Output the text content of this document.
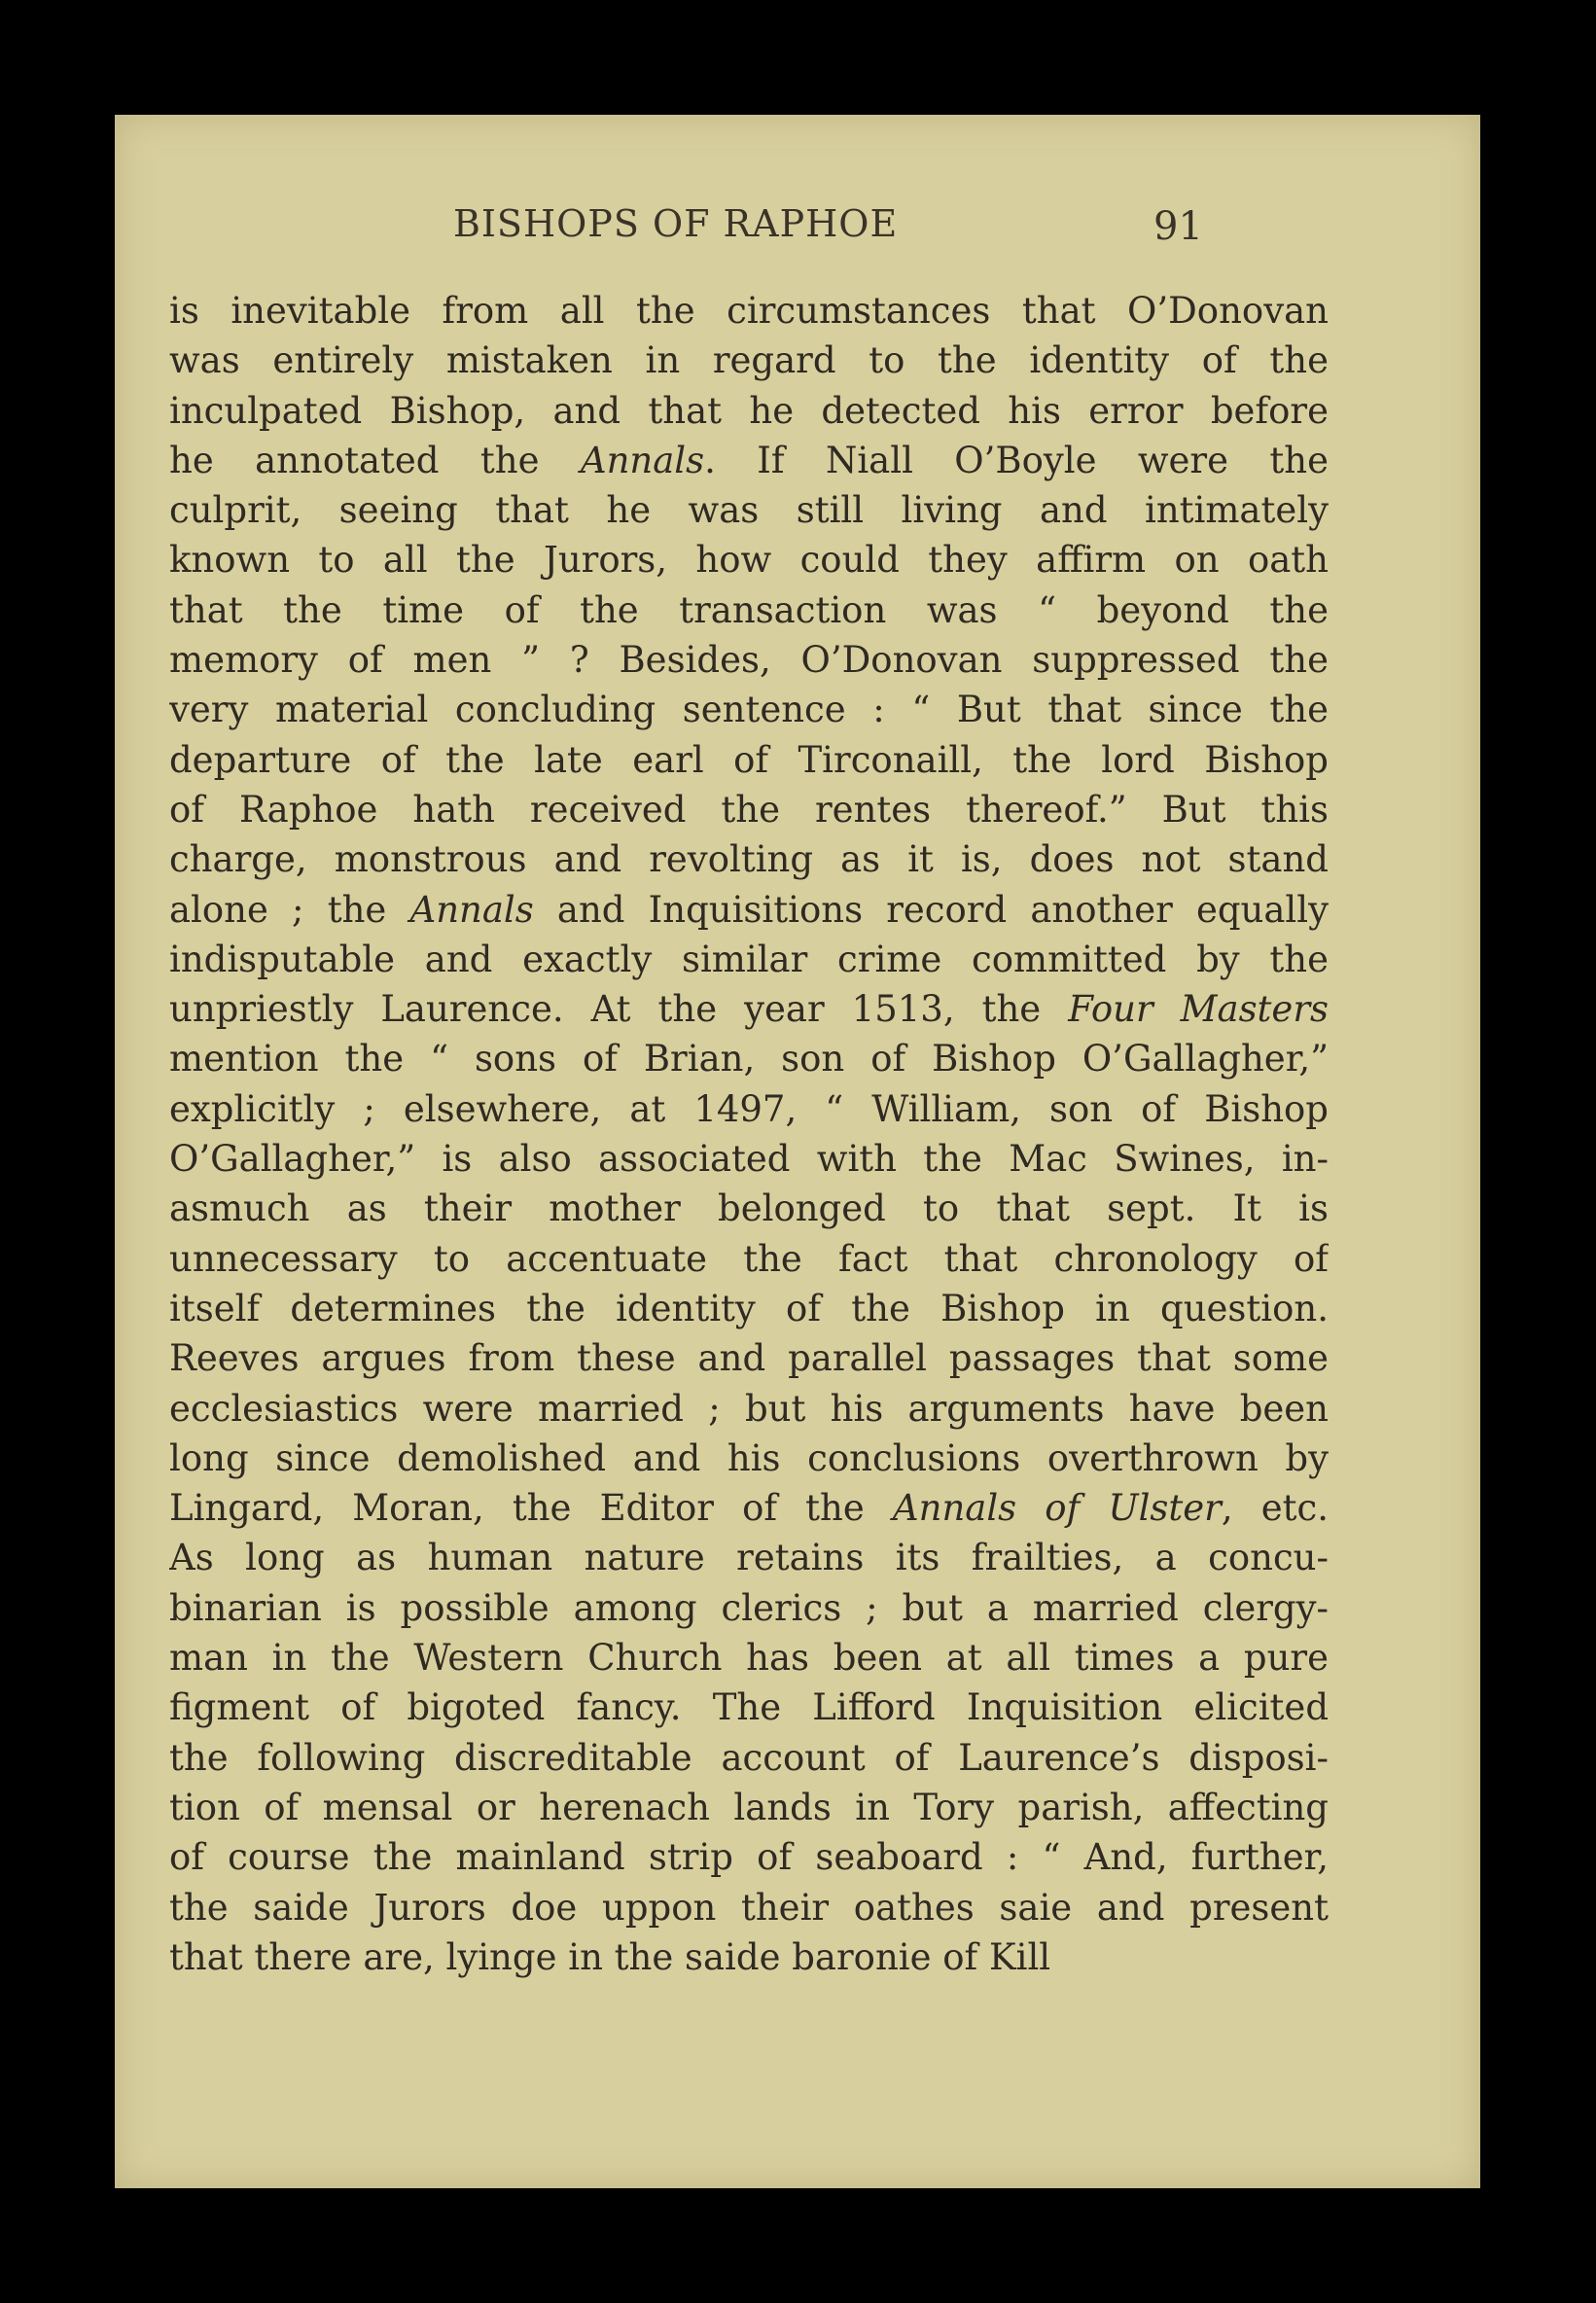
BISHOPS OF RAPHOE	91
is inevitable from all the circumstances that O’Donovan
was entirely mistaken in regard to the identity of the
inculpated Bishop, and that he detected his error before
he annotated the Annals. If Niall O’Boyle were the
culprit, seeing that he was still living and intimately
known to all the Jurors, how could they affirm on oath
that the time of the transaction was “ beyond the
memory of men ” ? Besides, O’Donovan suppressed the
very material concluding sentence : “ But that since the
departure of the late earl of Tirconaill, the lord Bishop
of Raphoe hath received the rentes thereof.” But this
charge, monstrous and revolting as it is, does not stand
alone ; the Annals and Inquisitions record another equally
indisputable and exactly similar crime committed by the
unpriestly Laurence. At the year 1513, the Four Masters
mention the “ sons of Brian, son of Bishop O’Gallagher,”
explicitly ; elsewhere, at 1497, “ William, son of Bishop
O’Gallagher,” is also associated with the Mac Swines, in-
asmuch as their mother belonged to that sept. It is
unnecessary to accentuate the fact that chronology of
itself determines the identity of the Bishop in question.
Reeves argues from these and parallel passages that some
ecclesiastics were married ; but his arguments have been
long since demolished and his conclusions overthrown by
Lingard, Moran, the Editor of the Annals of Ulster, etc.
As long as human nature retains its frailties, a concu-
binarian is possible among clerics ; but a married clergy-
man in the Western Church has been at all times a pure
figment of bigoted fancy. The Lifford Inquisition elicited
the following discreditable account of Laurence’s disposi-
tion of mensal or herenach lands in Tory parish, affecting
of course the mainland strip of seaboard : “ And, further,
the saide Jurors doe uppon their oathes saie and present
that there are, lyinge in the saide baronie of Kill
